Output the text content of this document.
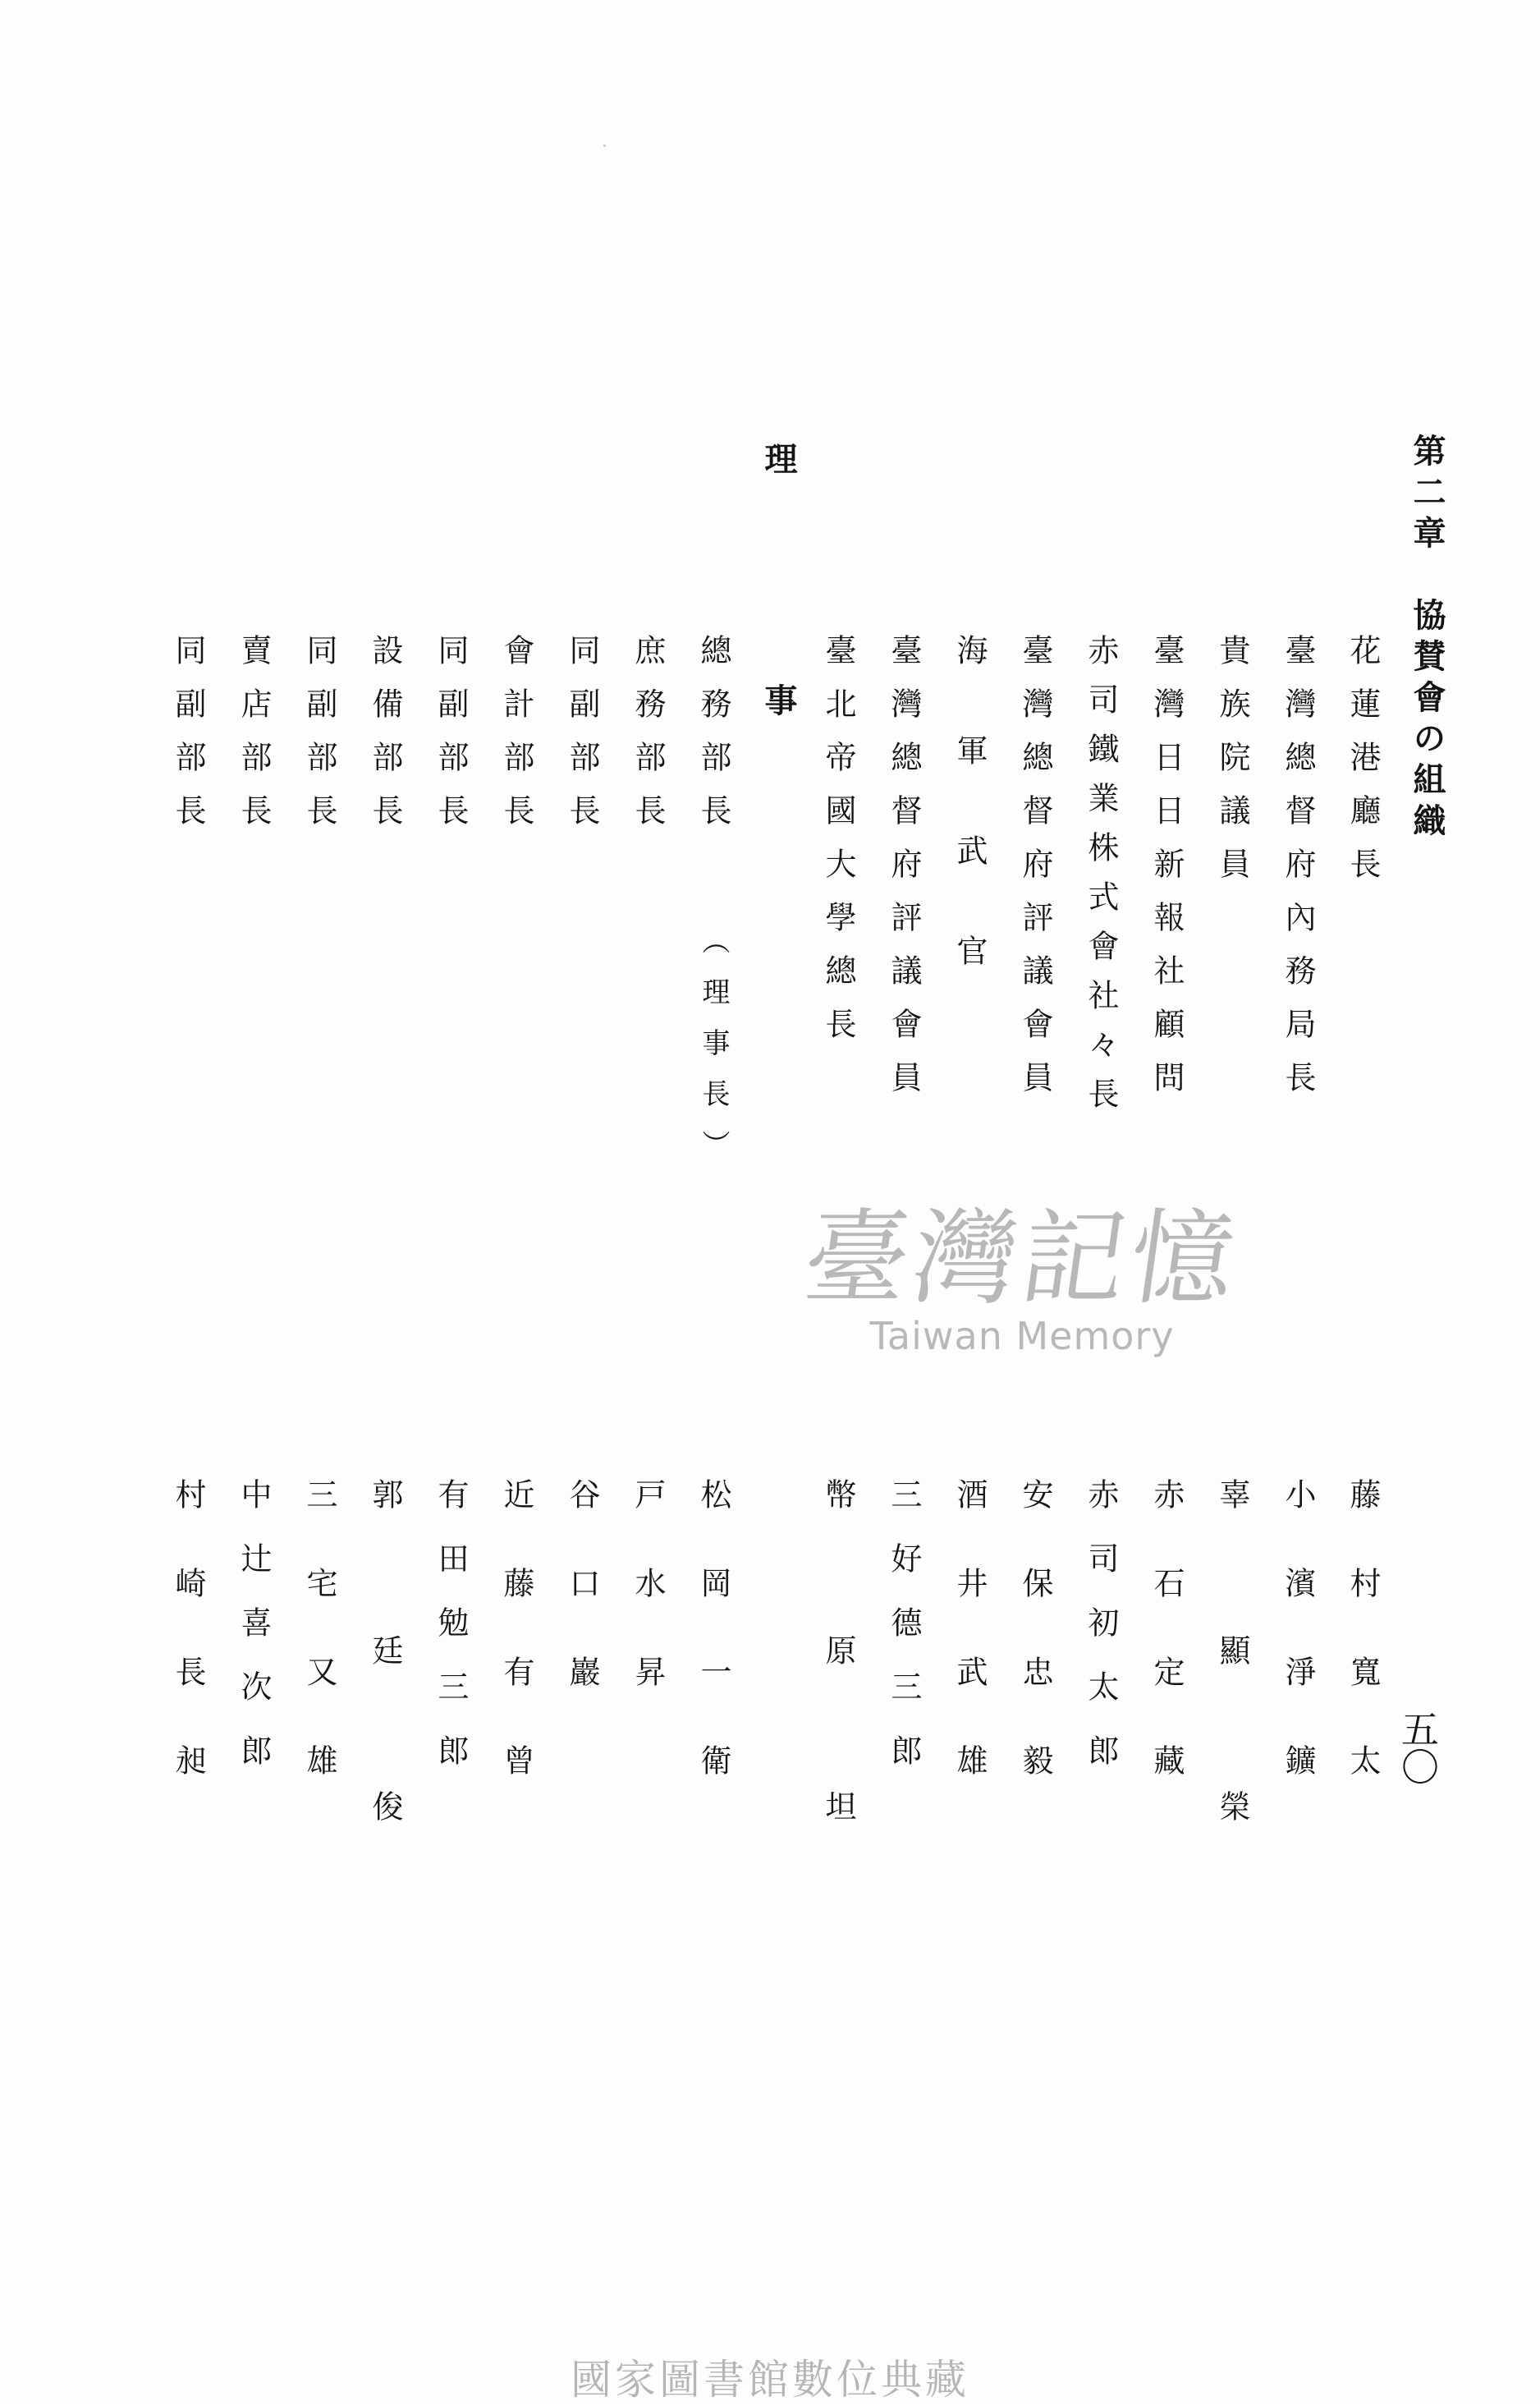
第二章　協賛會の組織
五〇
理
事	花蓮港廳長
臺灣總督府內務局長
貴族院議員
臺灣日日新報社顧問
赤司鐵業株式會社々長
臺灣總督府評議會員
海軍武官
臺灣總督府評議會員
臺北帝國大學總長
藤村寬太
小濱淨鑛
辜顯榮
赤石定藏
赤司初太郎
安保忠毅
酒井武雄
三好德三郎
幣原坦
總務部長
（理事長）
庶務部長
同副部長
會計部長
同副部長
設備部長
同副部長
賣店部長
同副部長
松岡一衛
戸水昇
谷口巖
近藤有曾
有田勉三郎
郭廷俊
三宅又雄
中辻喜次郎
村崎長昶
臺灣記憶
Taiwan Memory
國家圖書館數位典藏
